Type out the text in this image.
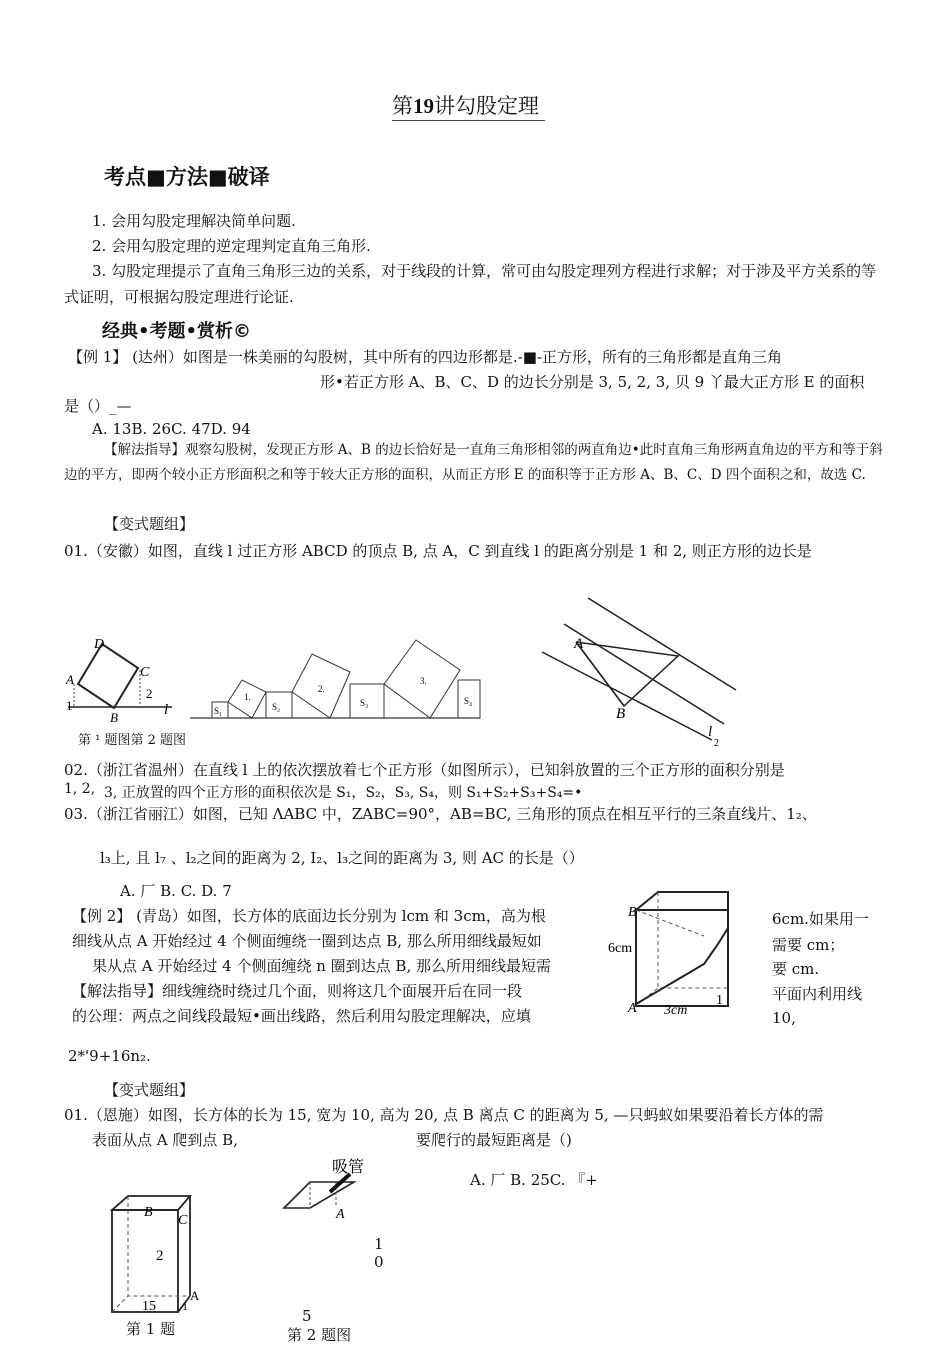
第19讲勾股定理
考点■方法■破译
1. 会用勾股定理解决简单问题.
2. 会用勾股定理的逆定理判定直角三角形.
3. 勾股定理提示了直角三角形三边的关系，对于线段的计算，常可由勾股定理列方程进行求解；对于涉及平方关系的等式证明，可根据勾股定理进行论证.
经典•考题•赏析©
【例 1】 (达州）如图是一株美丽的勾股树，其中所有的四边形都是.-■-正方形，所有的三角形都是直角三角
形•若正方形 A、B、C、D 的边长分别是 3, 5, 2, 3, 贝 9 丫最大正方形 E 的面积
是（）_—
A. 13B. 26C. 47D. 94
【解法指导】观察勾股树，发现正方形 A、B 的边长恰好是一直角三角形相邻的两直角边•此时直角三角形两直角边的平方和等于斜边的平方，即两个较小正方形面积之和等于较大正方形的面积，从而正方形 E 的面积等于正方形 A、B、C、D 四个面积之和，故选 C.
【变式题组】
01.（安徽）如图，直线 l 过正方形 ABCD 的顶点 B, 点 A，C 到直线 l 的距离分别是 1 和 2, 则正方形的边长是
D
C
A
B	l
1
2
S₁	S₂	S₃	S₄
1.
2.
3.
A
B
l
2
第 ¹ 题图第 2 题图
02.（浙江省温州）在直线 l 上的依次摆放着七个正方形（如图所示），已知斜放置的三个正方形的面积分别是
1, 2, 3, 正放置的四个正方形的面积依次是 S₁，S₂，S₃, S₄，则 S₁+S₂+S₃+S₄=•
03.（浙江省丽江）如图，已知 ΛABC 中，ZABC=90°，AB=BC, 三角形的顶点在相互平行的三条直线片、1₂、
l₃上, 且 l₇ 、l₂之间的距离为 2, I₂、l₃之间的距离为 3, 则 AC 的长是（）
A. 厂 B. C. D. 7
【例 2】 (青岛）如图，长方体的底面边长分别为 lcm 和 3cm，高为根
细线从点 A 开始经过 4 个侧面缠绕一圈到达点 B, 那么所用细线最短如
果从点 A 开始经过 4 个侧面缠绕 n 圈到达点 B, 那么所用细线最短需
【解法指导】细线缠绕时绕过几个面，则将这几个面展开后在同一段
的公理：两点之间线段最短•画出线路，然后利用勾股定理解决，应填
B
A
6cm
3cm
1
6cm.如果用一
需要 cm；
要 cm.
平面内利用线
10,
2*'9+16n₂.
【变式题组】
01.（恩施）如图，长方体的长为 15, 宽为 10, 高为 20, 点 B 离点 C 的距离为 5, —只蚂蚁如果要沿着长方体的需
表面从点 A 爬到点 B,	要爬行的最短距离是（)
A. 厂 B. 25C. 『+
B
C
A
2
15 1
第 1 题
吸管
A
1
0
5
第 2 题图
